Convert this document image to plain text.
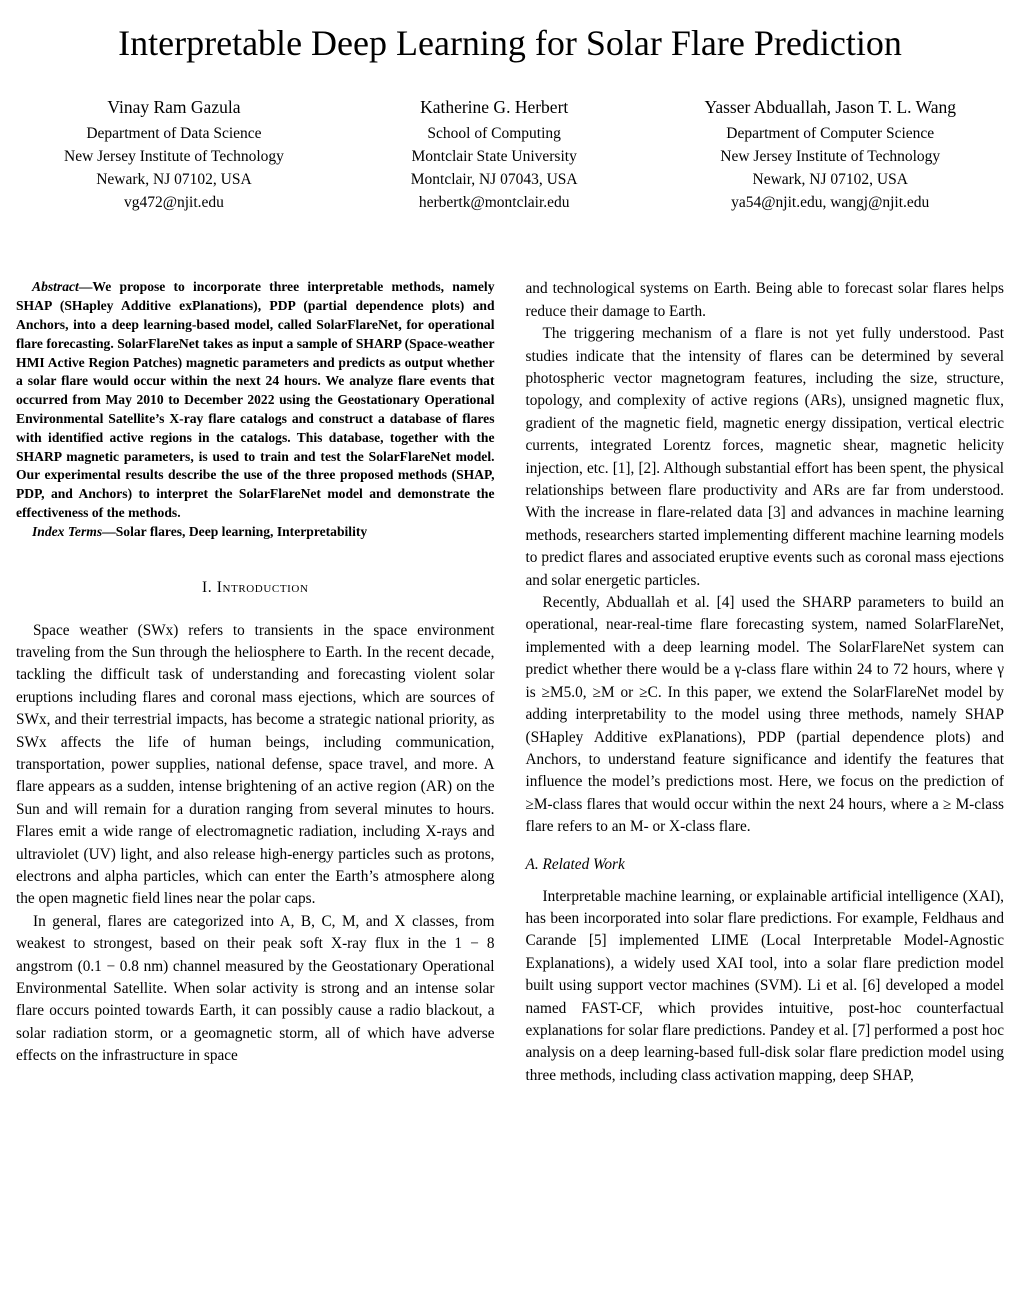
Interpretable Deep Learning for Solar Flare Prediction
Vinay Ram Gazula
Department of Data Science
New Jersey Institute of Technology
Newark, NJ 07102, USA
vg472@njit.edu
Katherine G. Herbert
School of Computing
Montclair State University
Montclair, NJ 07043, USA
herbertk@montclair.edu
Yasser Abduallah, Jason T. L. Wang
Department of Computer Science
New Jersey Institute of Technology
Newark, NJ 07102, USA
ya54@njit.edu, wangj@njit.edu

Abstract—We propose to incorporate three interpretable methods, namely SHAP (SHapley Additive exPlanations), PDP (partial dependence plots) and Anchors, into a deep learning-based model, called SolarFlareNet, for operational flare forecasting. SolarFlareNet takes as input a sample of SHARP (Space-weather HMI Active Region Patches) magnetic parameters and predicts as output whether a solar flare would occur within the next 24 hours. We analyze flare events that occurred from May 2010 to December 2022 using the Geostationary Operational Environmental Satellite’s X-ray flare catalogs and construct a database of flares with identified active regions in the catalogs. This database, together with the SHARP magnetic parameters, is used to train and test the SolarFlareNet model. Our experimental results describe the use of the three proposed methods (SHAP, PDP, and Anchors) to interpret the SolarFlareNet model and demonstrate the effectiveness of the methods.

Index Terms—Solar flares, Deep learning, Interpretability

I. Introduction

Space weather (SWx) refers to transients in the space environment traveling from the Sun through the heliosphere to Earth. In the recent decade, tackling the difficult task of understanding and forecasting violent solar eruptions including flares and coronal mass ejections, which are sources of SWx, and their terrestrial impacts, has become a strategic national priority, as SWx affects the life of human beings, including communication, transportation, power supplies, national defense, space travel, and more. A flare appears as a sudden, intense brightening of an active region (AR) on the Sun and will remain for a duration ranging from several minutes to hours. Flares emit a wide range of electromagnetic radiation, including X-rays and ultraviolet (UV) light, and also release high-energy particles such as protons, electrons and alpha particles, which can enter the Earth’s atmosphere along the open magnetic field lines near the polar caps.

In general, flares are categorized into A, B, C, M, and X classes, from weakest to strongest, based on their peak soft X-ray flux in the 1 − 8 angstrom (0.1 − 0.8 nm) channel measured by the Geostationary Operational Environmental Satellite. When solar activity is strong and an intense solar flare occurs pointed towards Earth, it can possibly cause a radio blackout, a solar radiation storm, or a geomagnetic storm, all of which have adverse effects on the infrastructure in space

and technological systems on Earth. Being able to forecast solar flares helps reduce their damage to Earth.

The triggering mechanism of a flare is not yet fully understood. Past studies indicate that the intensity of flares can be determined by several photospheric vector magnetogram features, including the size, structure, topology, and complexity of active regions (ARs), unsigned magnetic flux, gradient of the magnetic field, magnetic energy dissipation, vertical electric currents, integrated Lorentz forces, magnetic shear, magnetic helicity injection, etc. [1], [2]. Although substantial effort has been spent, the physical relationships between flare productivity and ARs are far from understood. With the increase in flare-related data [3] and advances in machine learning methods, researchers started implementing different machine learning models to predict flares and associated eruptive events such as coronal mass ejections and solar energetic particles.

Recently, Abduallah et al. [4] used the SHARP parameters to build an operational, near-real-time flare forecasting system, named SolarFlareNet, implemented with a deep learning model. The SolarFlareNet system can predict whether there would be a γ-class flare within 24 to 72 hours, where γ is ≥M5.0, ≥M or ≥C. In this paper, we extend the SolarFlareNet model by adding interpretability to the model using three methods, namely SHAP (SHapley Additive exPlanations), PDP (partial dependence plots) and Anchors, to understand feature significance and identify the features that influence the model’s predictions most. Here, we focus on the prediction of ≥M-class flares that would occur within the next 24 hours, where a ≥ M-class flare refers to an M- or X-class flare.

A. Related Work

Interpretable machine learning, or explainable artificial intelligence (XAI), has been incorporated into solar flare predictions. For example, Feldhaus and Carande [5] implemented LIME (Local Interpretable Model-Agnostic Explanations), a widely used XAI tool, into a solar flare prediction model built using support vector machines (SVM). Li et al. [6] developed a model named FAST-CF, which provides intuitive, post-hoc counterfactual explanations for solar flare predictions. Pandey et al. [7] performed a post hoc analysis on a deep learning-based full-disk solar flare prediction model using three methods, including class activation mapping, deep SHAP,
